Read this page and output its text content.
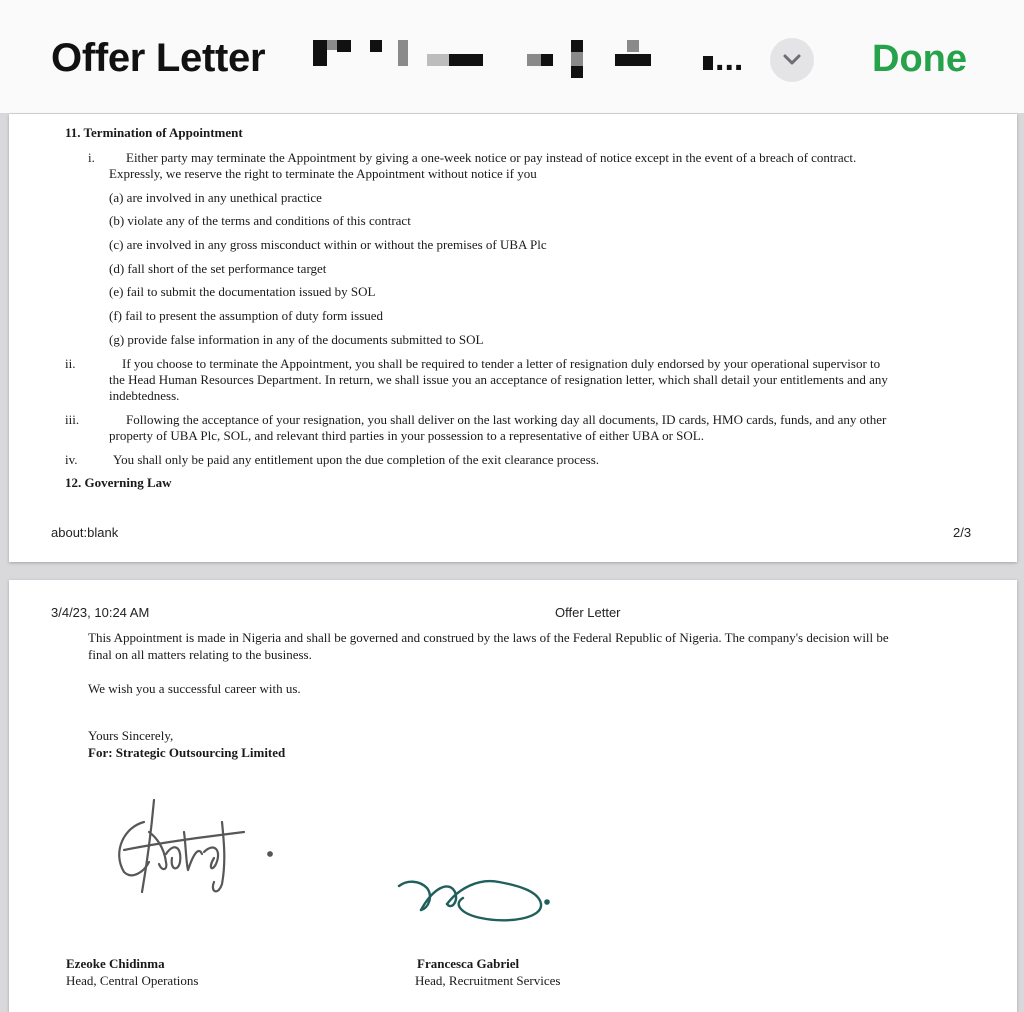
Offer Letter	...	Done
11. Termination of Appointment
i. Either party may terminate the Appointment by giving a one-week notice or pay instead of notice except in the event of a breach of contract.
Expressly, we reserve the right to terminate the Appointment without notice if you
(a) are involved in any unethical practice
(b) violate any of the terms and conditions of this contract
(c) are involved in any gross misconduct within or without the premises of UBA Plc
(d) fall short of the set performance target
(e) fail to submit the documentation issued by SOL
(f) fail to present the assumption of duty form issued
(g) provide false information in any of the documents submitted to SOL
ii.	If you choose to terminate the Appointment, you shall be required to tender a letter of resignation duly endorsed by your operational supervisor to
the Head Human Resources Department. In return, we shall issue you an acceptance of resignation letter, which shall detail your entitlements and any
indebtedness.
iii.	Following the acceptance of your resignation, you shall deliver on the last working day all documents, ID cards, HMO cards, funds, and any other
property of UBA Plc, SOL, and relevant third parties in your possession to a representative of either UBA or SOL.
iv.	You shall only be paid any entitlement upon the due completion of the exit clearance process.
12. Governing Law
about:blank	2/3
3/4/23, 10:24 AM	Offer Letter
This Appointment is made in Nigeria and shall be governed and construed by the laws of the Federal Republic of Nigeria. The company's decision will be
final on all matters relating to the business.
We wish you a successful career with us.
Yours Sincerely,
For: Strategic Outsourcing Limited
Ezeoke Chidinma
Head, Central Operations
Francesca Gabriel
Head, Recruitment Services
